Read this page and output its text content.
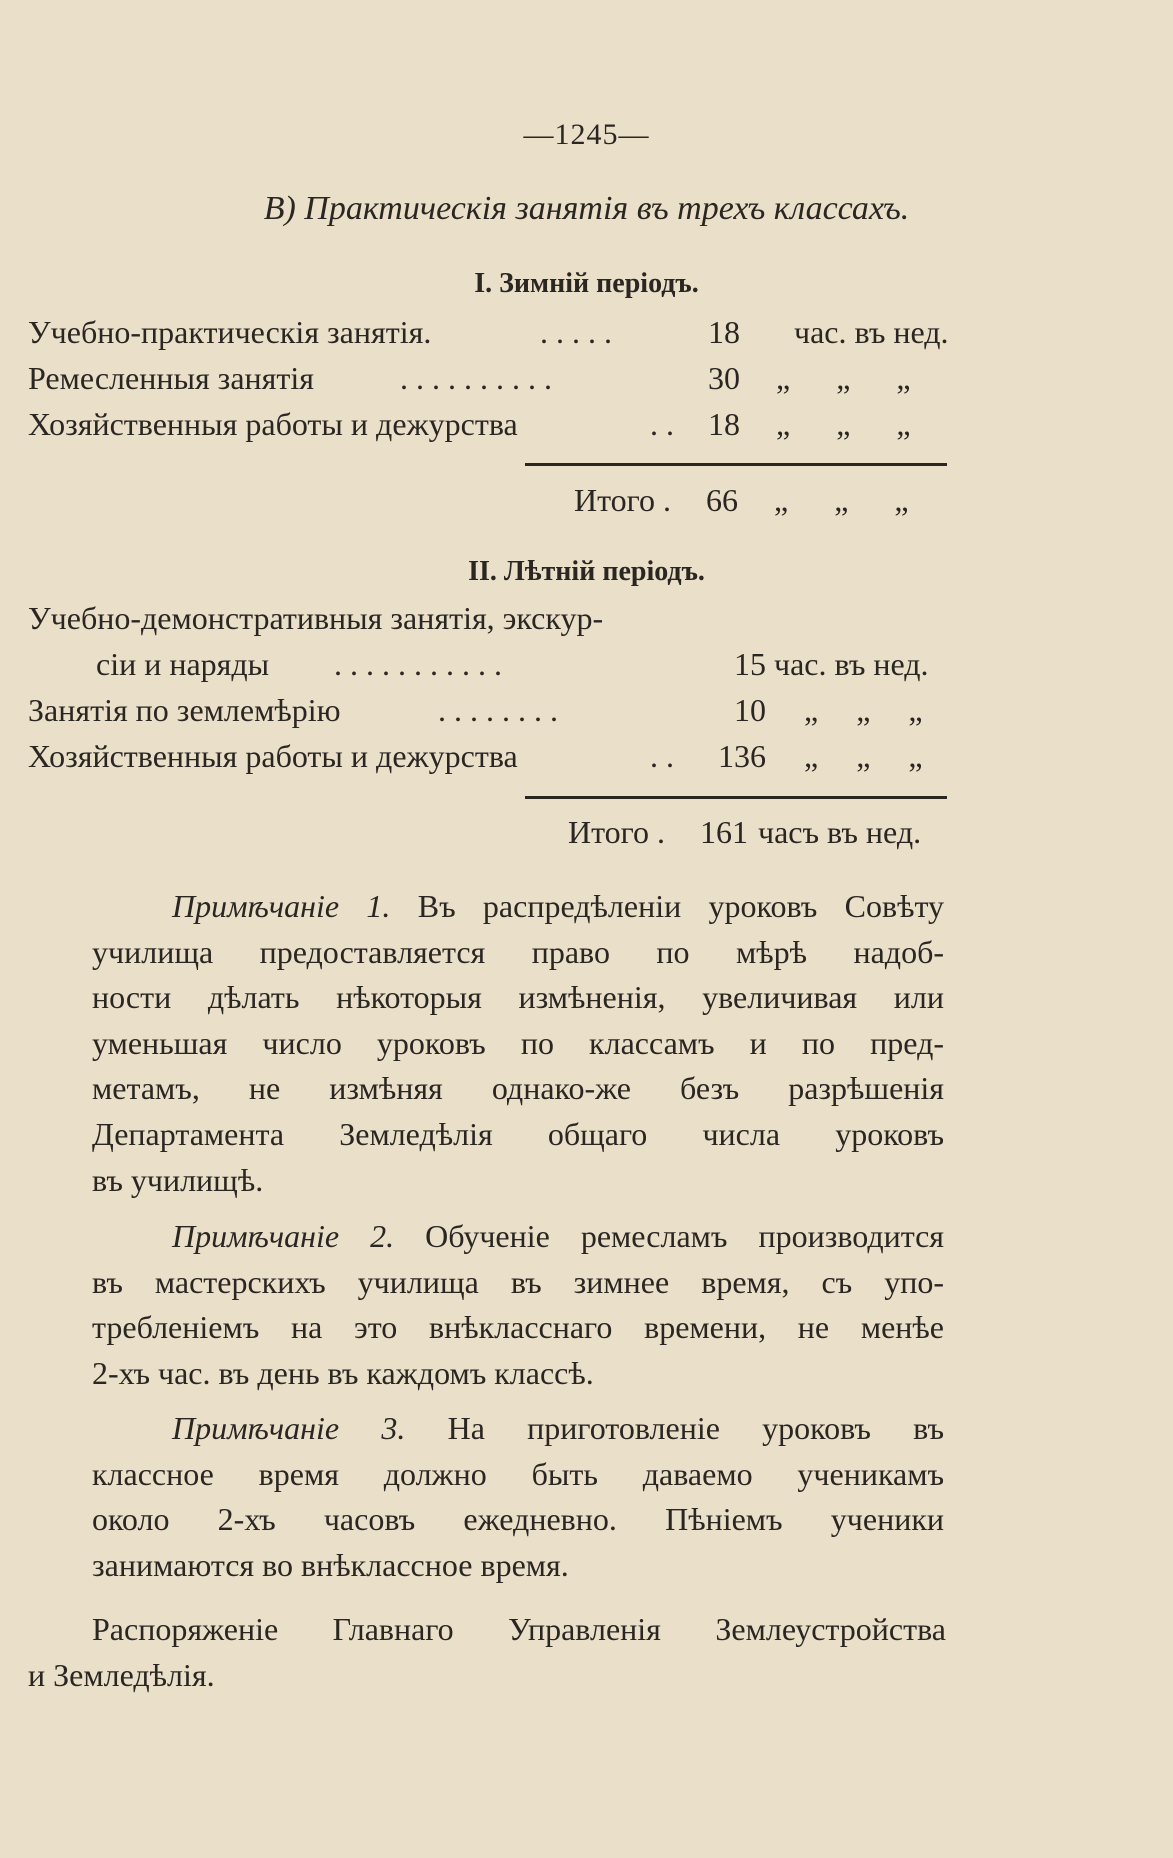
—1245—
В) Практическія занятія въ трехъ классахъ.
I. Зимній періодъ.
Учебно-практическія занятія.	. . . . .	18 час. въ нед.
Ремесленныя занятія	. . . . . . . . . .	30 „ „ „
Хозяйственныя работы и дежурства	. . 18 „ „ „
Итого . 66 „ „ „
II. Лѣтній періодъ.
Учебно-демонстративныя занятія, экскур-
сіи и наряды . . . . . . . . . . .	15 час. въ нед.
Занятія по землемѣрію	. . . . . . . .	10 „ „ „
Хозяйственныя работы и дежурства	. . 136 „ „ „
Итого . 161 часъ въ нед.
Примѣчаніе 1. Въ распредѣленіи уроковъ Совѣту
училища предоставляется право по мѣрѣ надоб-
ности дѣлать нѣкоторыя измѣненія, увеличивая или
уменьшая число уроковъ по классамъ и по пред-
метамъ, не измѣняя однако-же безъ разрѣшенія
Департамента Земледѣлія общаго числа уроковъ
въ училищѣ.
Примѣчаніе 2. Обученіе ремесламъ производится
въ мастерскихъ училища въ зимнее время, съ упо-
требленіемъ на это внѣкласснаго времени, не менѣе
2-хъ час. въ день въ каждомъ классѣ.
Примѣчаніе 3. На приготовленіе уроковъ въ
классное время должно быть даваемо ученикамъ
около 2-хъ часовъ ежедневно. Пѣніемъ ученики
занимаются во внѣклассное время.
Распоряженіе Главнаго Управленія Землеустройства
и Земледѣлія.
